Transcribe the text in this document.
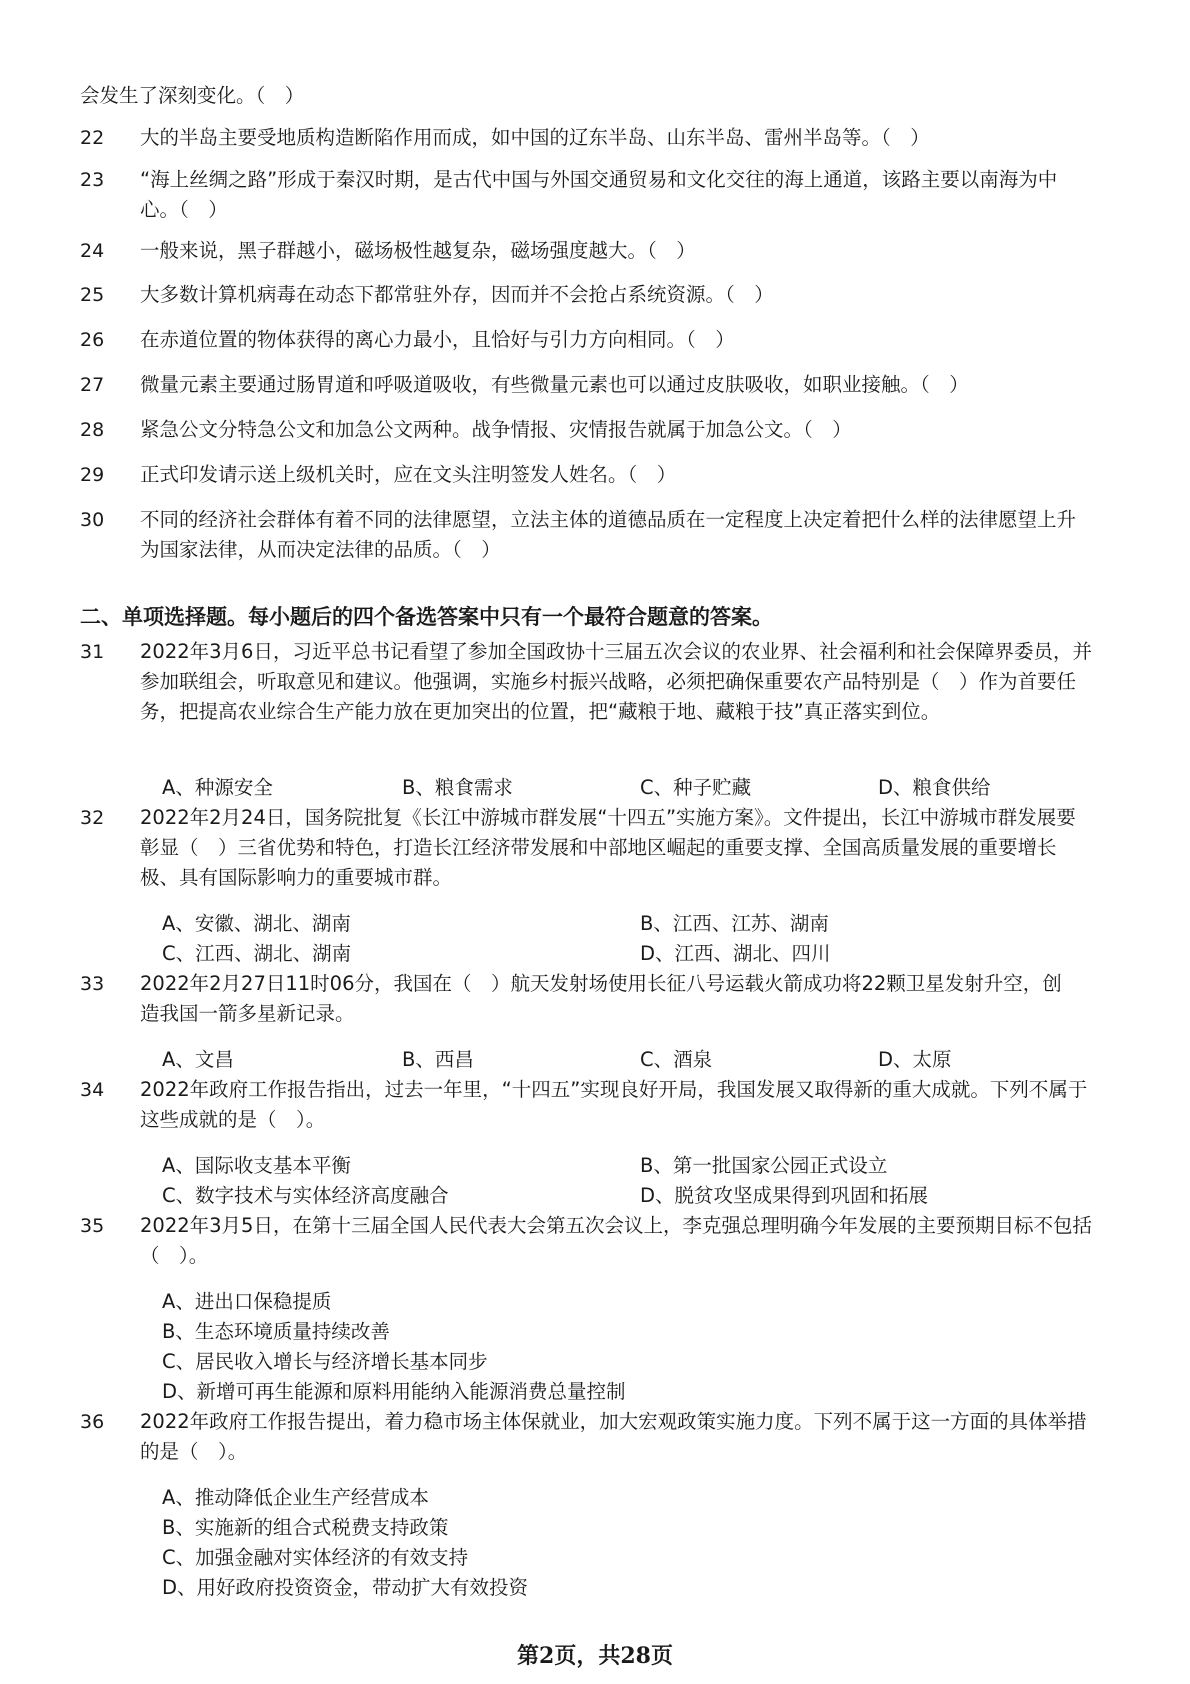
会发生了深刻变化。（　）
22 大的半岛主要受地质构造断陷作用而成，如中国的辽东半岛、山东半岛、雷州半岛等。（　）
23 “海上丝绸之路”形成于秦汉时期，是古代中国与外国交通贸易和文化交往的海上通道，该路主要以南海为中心。（　）
24 一般来说，黑子群越小，磁场极性越复杂，磁场强度越大。（　）
25 大多数计算机病毒在动态下都常驻外存，因而并不会抢占系统资源。（　）
26 在赤道位置的物体获得的离心力最小，且恰好与引力方向相同。（　）
27 微量元素主要通过肠胃道和呼吸道吸收，有些微量元素也可以通过皮肤吸收，如职业接触。（　）
28 紧急公文分特急公文和加急公文两种。战争情报、灾情报告就属于加急公文。（　）
29 正式印发请示送上级机关时，应在文头注明签发人姓名。（　）
30 不同的经济社会群体有着不同的法律愿望，立法主体的道德品质在一定程度上决定着把什么样的法律愿望上升为国家法律，从而决定法律的品质。（　）
二、单项选择题。每小题后的四个备选答案中只有一个最符合题意的答案。
31 2022年3月6日，习近平总书记看望了参加全国政协十三届五次会议的农业界、社会福利和社会保障界委员，并参加联组会，听取意见和建议。他强调，实施乡村振兴战略，必须把确保重要农产品特别是（　）作为首要任务，把提高农业综合生产能力放在更加突出的位置，把“藏粮于地、藏粮于技”真正落实到位。
A、种源安全	B、粮食需求	C、种子贮藏	D、粮食供给
32 2022年2月24日，国务院批复《长江中游城市群发展“十四五”实施方案》。文件提出，长江中游城市群发展要彰显（　）三省优势和特色，打造长江经济带发展和中部地区崛起的重要支撑、全国高质量发展的重要增长极、具有国际影响力的重要城市群。
A、安徽、湖北、湖南	B、江西、江苏、湖南
C、江西、湖北、湖南	D、江西、湖北、四川
33 2022年2月27日11时06分，我国在（　）航天发射场使用长征八号运载火箭成功将22颗卫星发射升空，创造我国一箭多星新记录。
A、文昌	B、西昌	C、酒泉	D、太原
34 2022年政府工作报告指出，过去一年里，“十四五”实现良好开局，我国发展又取得新的重大成就。下列不属于这些成就的是（　）。
A、国际收支基本平衡	B、第一批国家公园正式设立
C、数字技术与实体经济高度融合	D、脱贫攻坚成果得到巩固和拓展
35 2022年3月5日，在第十三届全国人民代表大会第五次会议上，李克强总理明确今年发展的主要预期目标不包括（　）。
A、进出口保稳提质
B、生态环境质量持续改善
C、居民收入增长与经济增长基本同步
D、新增可再生能源和原料用能纳入能源消费总量控制
36 2022年政府工作报告提出，着力稳市场主体保就业，加大宏观政策实施力度。下列不属于这一方面的具体举措的是（　）。
A、推动降低企业生产经营成本
B、实施新的组合式税费支持政策
C、加强金融对实体经济的有效支持
D、用好政府投资资金，带动扩大有效投资
第2页，共28页
